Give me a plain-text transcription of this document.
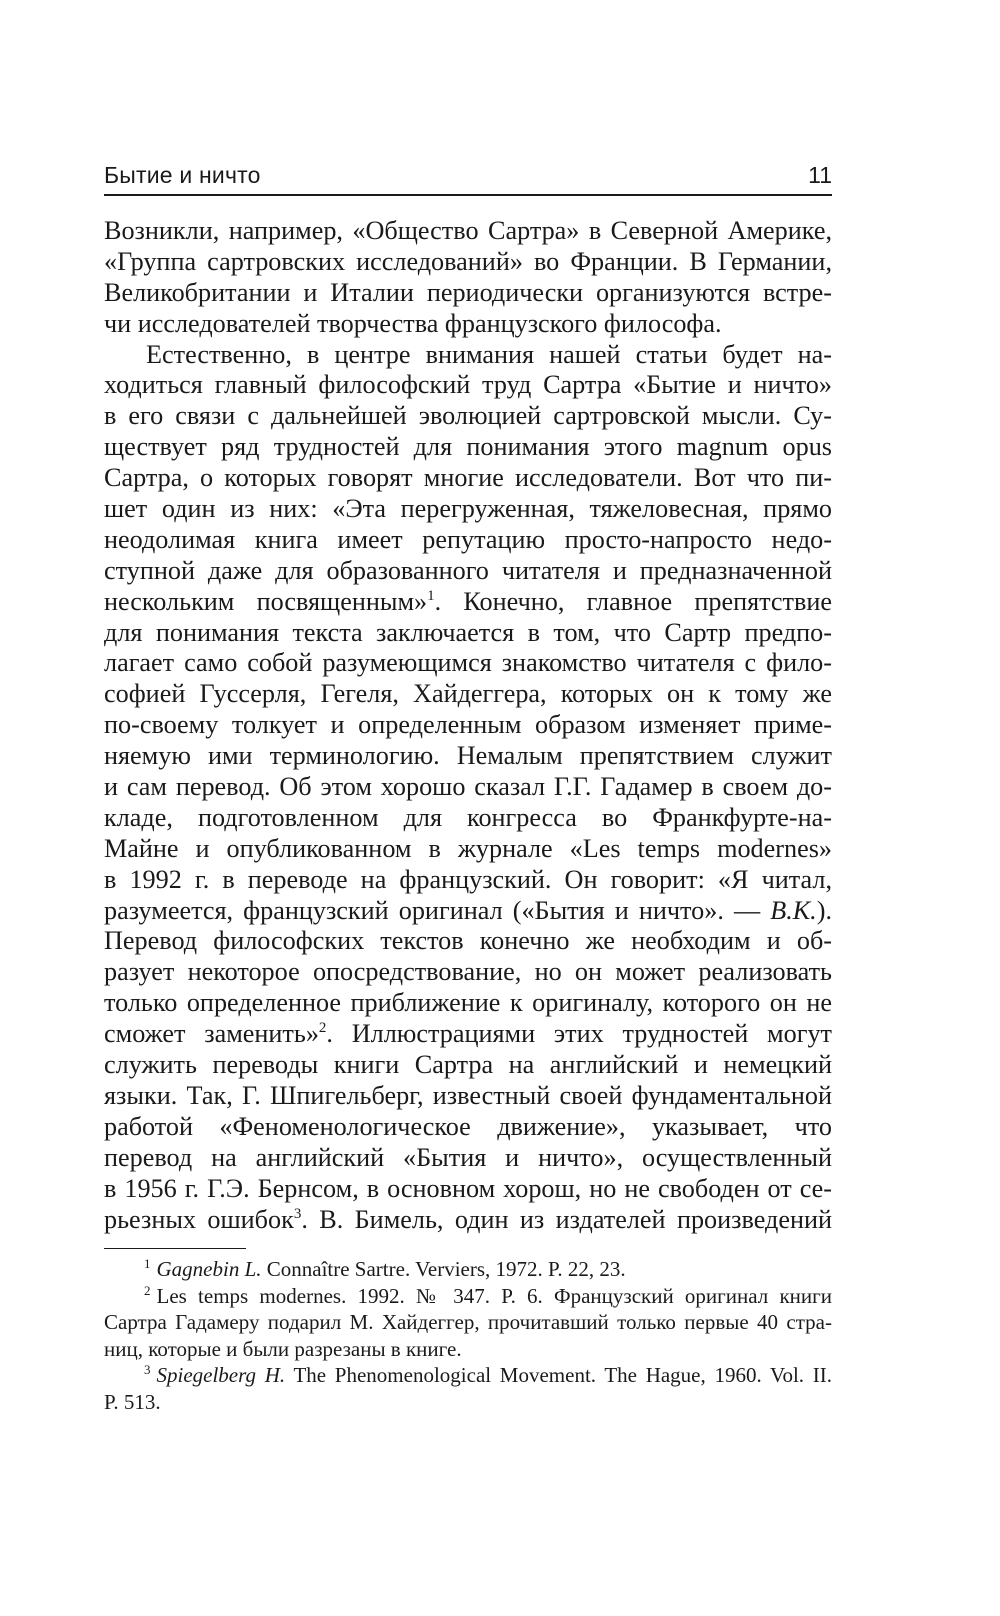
Бытие и ничто	11
Возникли, например, «Общество Сартра» в Северной Америке,
«Группа сартровских исследований» во Франции. В Германии,
Великобритании и Италии периодически организуются встре-
чи исследователей творчества французского философа.
Естественно, в центре внимания нашей статьи будет на-
ходиться главный философский труд Сартра «Бытие и ничто»
в его связи с дальнейшей эволюцией сартровской мысли. Су-
ществует ряд трудностей для понимания этого magnum opus
Сартра, о которых говорят многие исследователи. Вот что пи-
шет один из них: «Эта перегруженная, тяжеловесная, прямо
неодолимая книга имеет репутацию просто-напросто недо-
ступной даже для образованного читателя и предназначенной
нескольким посвященным»$^1$. Конечно, главное препятствие
для понимания текста заключается в том, что Сартр предпо-
лагает само собой разумеющимся знакомство читателя с фило-
софией Гуссерля, Гегеля, Хайдеггера, которых он к тому же
по-своему толкует и определенным образом изменяет приме-
няемую ими терминологию. Немалым препятствием служит
и сам перевод. Об этом хорошо сказал Г.Г. Гадамер в своем до-
кладе, подготовленном для конгресса во Франкфурте-на-
Майне и опубликованном в журнале «Les temps modernes»
в 1992 г. в переводе на французский. Он говорит: «Я читал,
разумеется, французский оригинал («Бытия и ничто». — В.К.).
Перевод философских текстов конечно же необходим и об-
разует некоторое опосредствование, но он может реализовать
только определенное приближение к оригиналу, которого он не
сможет заменить»$^2$. Иллюстрациями этих трудностей могут
служить переводы книги Сартра на английский и немецкий
языки. Так, Г. Шпигельберг, известный своей фундаментальной
работой «Феноменологическое движение», указывает, что
перевод на английский «Бытия и ничто», осуществленный
в 1956 г. Г.Э. Бернсом, в основном хорош, но не свободен от се-
рьезных ошибок$^3$. В. Бимель, один из издателей произведений
$^1$ Gagnebin L. Connaître Sartre. Verviers, 1972. P. 22, 23.
$^2$ Les temps modernes. 1992. № 347. P. 6. Французский оригинал книги
Сартра Гадамеру подарил М. Хайдеггер, прочитавший только первые 40 стра-
ниц, которые и были разрезаны в книге.
$^3$ Spiegelberg H. The Phenomenological Movement. The Hague, 1960. Vol. II.
P. 513.
